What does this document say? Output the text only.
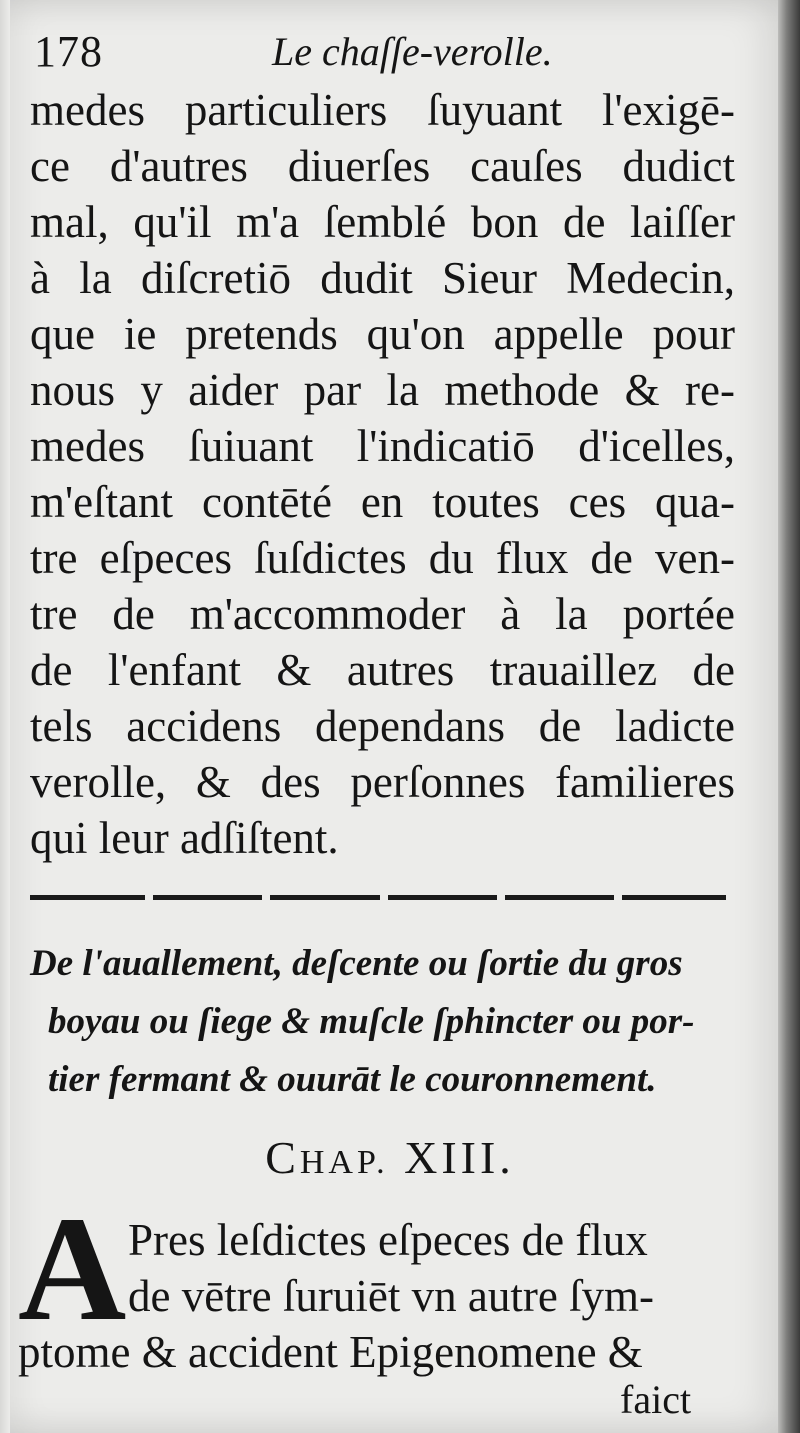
178	Le chaſſe-verolle.
medes particuliers ſuyuant l'exigē-
ce d'autres diuerſes cauſes dudict
mal, qu'il m'a ſemblé bon de laiſſer
à la diſcretiō dudit Sieur Medecin,
que ie pretends qu'on appelle pour
nous y aider par la methode & re-
medes ſuiuant l'indicatiō d'icelles,
m'eſtant contēté en toutes ces qua-
tre eſpeces ſuſdictes du flux de ven-
tre de m'accommoder à la portée
de l'enfant & autres trauaillez de
tels accidens dependans de ladicte
verolle, & des perſonnes familieres
qui leur adſiſtent.
De l'auallement, deſcente ou ſortie du gros
boyau ou ſiege & muſcle ſphincter ou por-
tier fermant & ouurāt le couronnement.
CHAP. XIII.
A Pres leſdictes eſpeces de flux
de vētre ſuruiēt vn autre ſym-
ptome & accident Epigenomene &
faict
